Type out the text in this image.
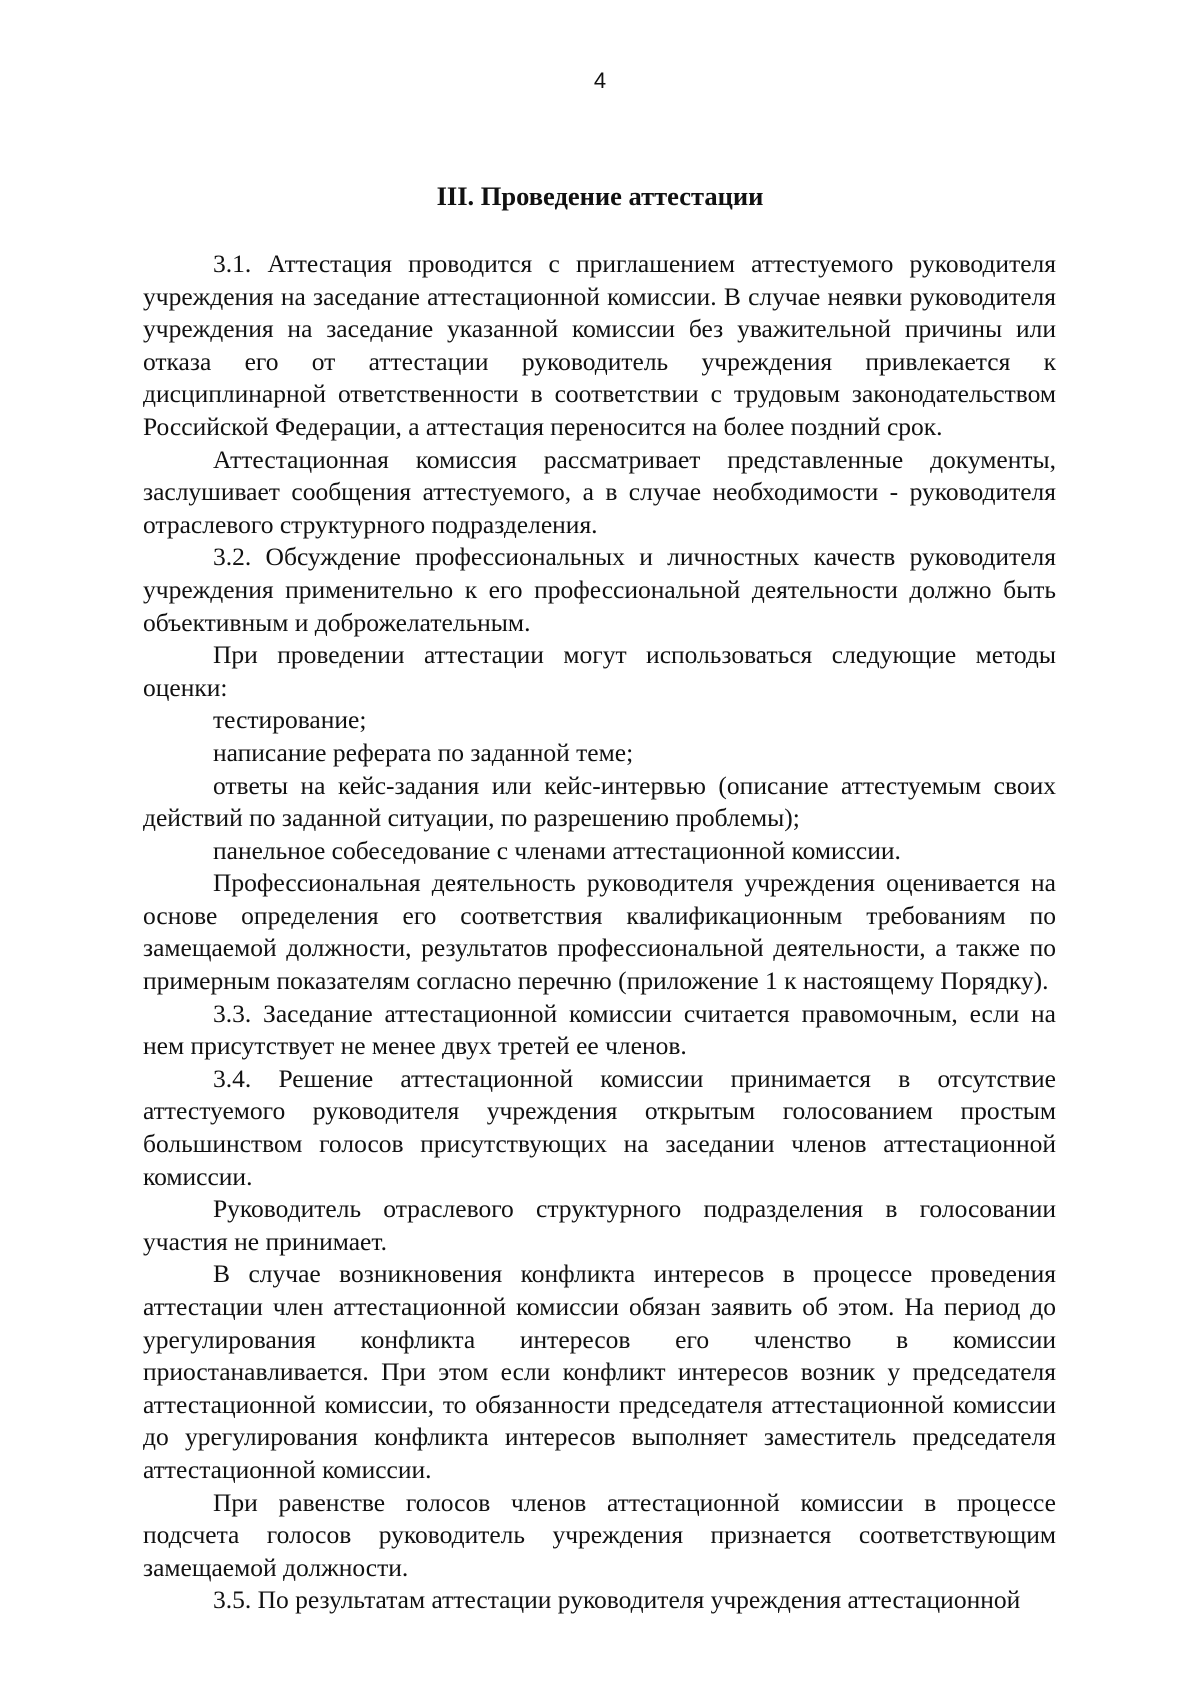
4
III. Проведение аттестации

3.1. Аттестация проводится с приглашением аттестуемого руководителя учреждения на заседание аттестационной комиссии. В случае неявки руководителя учреждения на заседание указанной комиссии без уважительной причины или отказа его от аттестации руководитель учреждения привлекается к дисциплинарной ответственности в соответствии с трудовым законодательством Российской Федерации, а аттестация переносится на более поздний срок.

Аттестационная комиссия рассматривает представленные документы, заслушивает сообщения аттестуемого, а в случае необходимости - руководителя отраслевого структурного подразделения.

3.2. Обсуждение профессиональных и личностных качеств руководителя учреждения применительно к его профессиональной деятельности должно быть объективным и доброжелательным.

При проведении аттестации могут использоваться следующие методы оценки:

тестирование;

написание реферата по заданной теме;

ответы на кейс-задания или кейс-интервью (описание аттестуемым своих действий по заданной ситуации, по разрешению проблемы);

панельное собеседование с членами аттестационной комиссии.

Профессиональная деятельность руководителя учреждения оценивается на основе определения его соответствия квалификационным требованиям по замещаемой должности, результатов профессиональной деятельности, а также по примерным показателям согласно перечню (приложение 1 к настоящему Порядку).

3.3. Заседание аттестационной комиссии считается правомочным, если на нем присутствует не менее двух третей ее членов.

3.4. Решение аттестационной комиссии принимается в отсутствие аттестуемого руководителя учреждения открытым голосованием простым большинством голосов присутствующих на заседании членов аттестационной комиссии.

Руководитель отраслевого структурного подразделения в голосовании участия не принимает.

В случае возникновения конфликта интересов в процессе проведения аттестации член аттестационной комиссии обязан заявить об этом. На период до урегулирования конфликта интересов его членство в комиссии приостанавливается. При этом если конфликт интересов возник у председателя аттестационной комиссии, то обязанности председателя аттестационной комиссии до урегулирования конфликта интересов выполняет заместитель председателя аттестационной комиссии.

При равенстве голосов членов аттестационной комиссии в процессе подсчета голосов руководитель учреждения признается соответствующим замещаемой должности.

3.5. По результатам аттестации руководителя учреждения аттестационной
